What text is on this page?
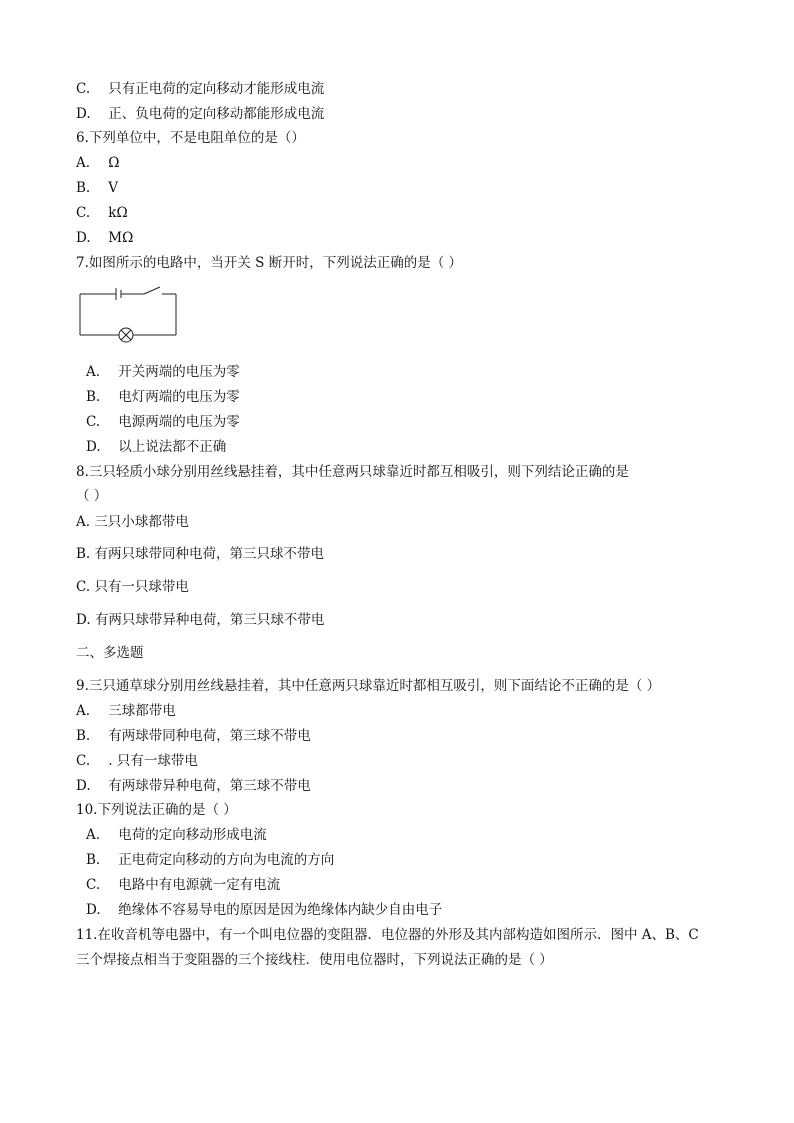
C. 只有正电荷的定向移动才能形成电流
D. 正、负电荷的定向移动都能形成电流
6.下列单位中，不是电阻单位的是（）
A. Ω
B. V
C. kΩ
D. MΩ
7.如图所示的电路中，当开关 S 断开时，下列说法正确的是（ ）
A. 开关两端的电压为零
B. 电灯两端的电压为零
C. 电源两端的电压为零
D. 以上说法都不正确
8.三只轻质小球分别用丝线悬挂着，其中任意两只球靠近时都互相吸引，则下列结论正确的是
（ ）
A. 三只小球都带电
B. 有两只球带同种电荷，第三只球不带电
C. 只有一只球带电
D. 有两只球带异种电荷，第三只球不带电
二、多选题
9.三只通草球分别用丝线悬挂着，其中任意两只球靠近时都相互吸引，则下面结论不正确的是（ ）
A. 三球都带电
B. 有两球带同种电荷，第三球不带电
C. . 只有一球带电
D. 有两球带异种电荷，第三球不带电
10.下列说法正确的是（ ）
A. 电荷的定向移动形成电流
B. 正电荷定向移动的方向为电流的方向
C. 电路中有电源就一定有电流
D. 绝缘体不容易导电的原因是因为绝缘体内缺少自由电子
11.在收音机等电器中，有一个叫电位器的变阻器．电位器的外形及其内部构造如图所示．图中 A、B、C
三个焊接点相当于变阻器的三个接线柱．使用电位器时，下列说法正确的是（ ）
